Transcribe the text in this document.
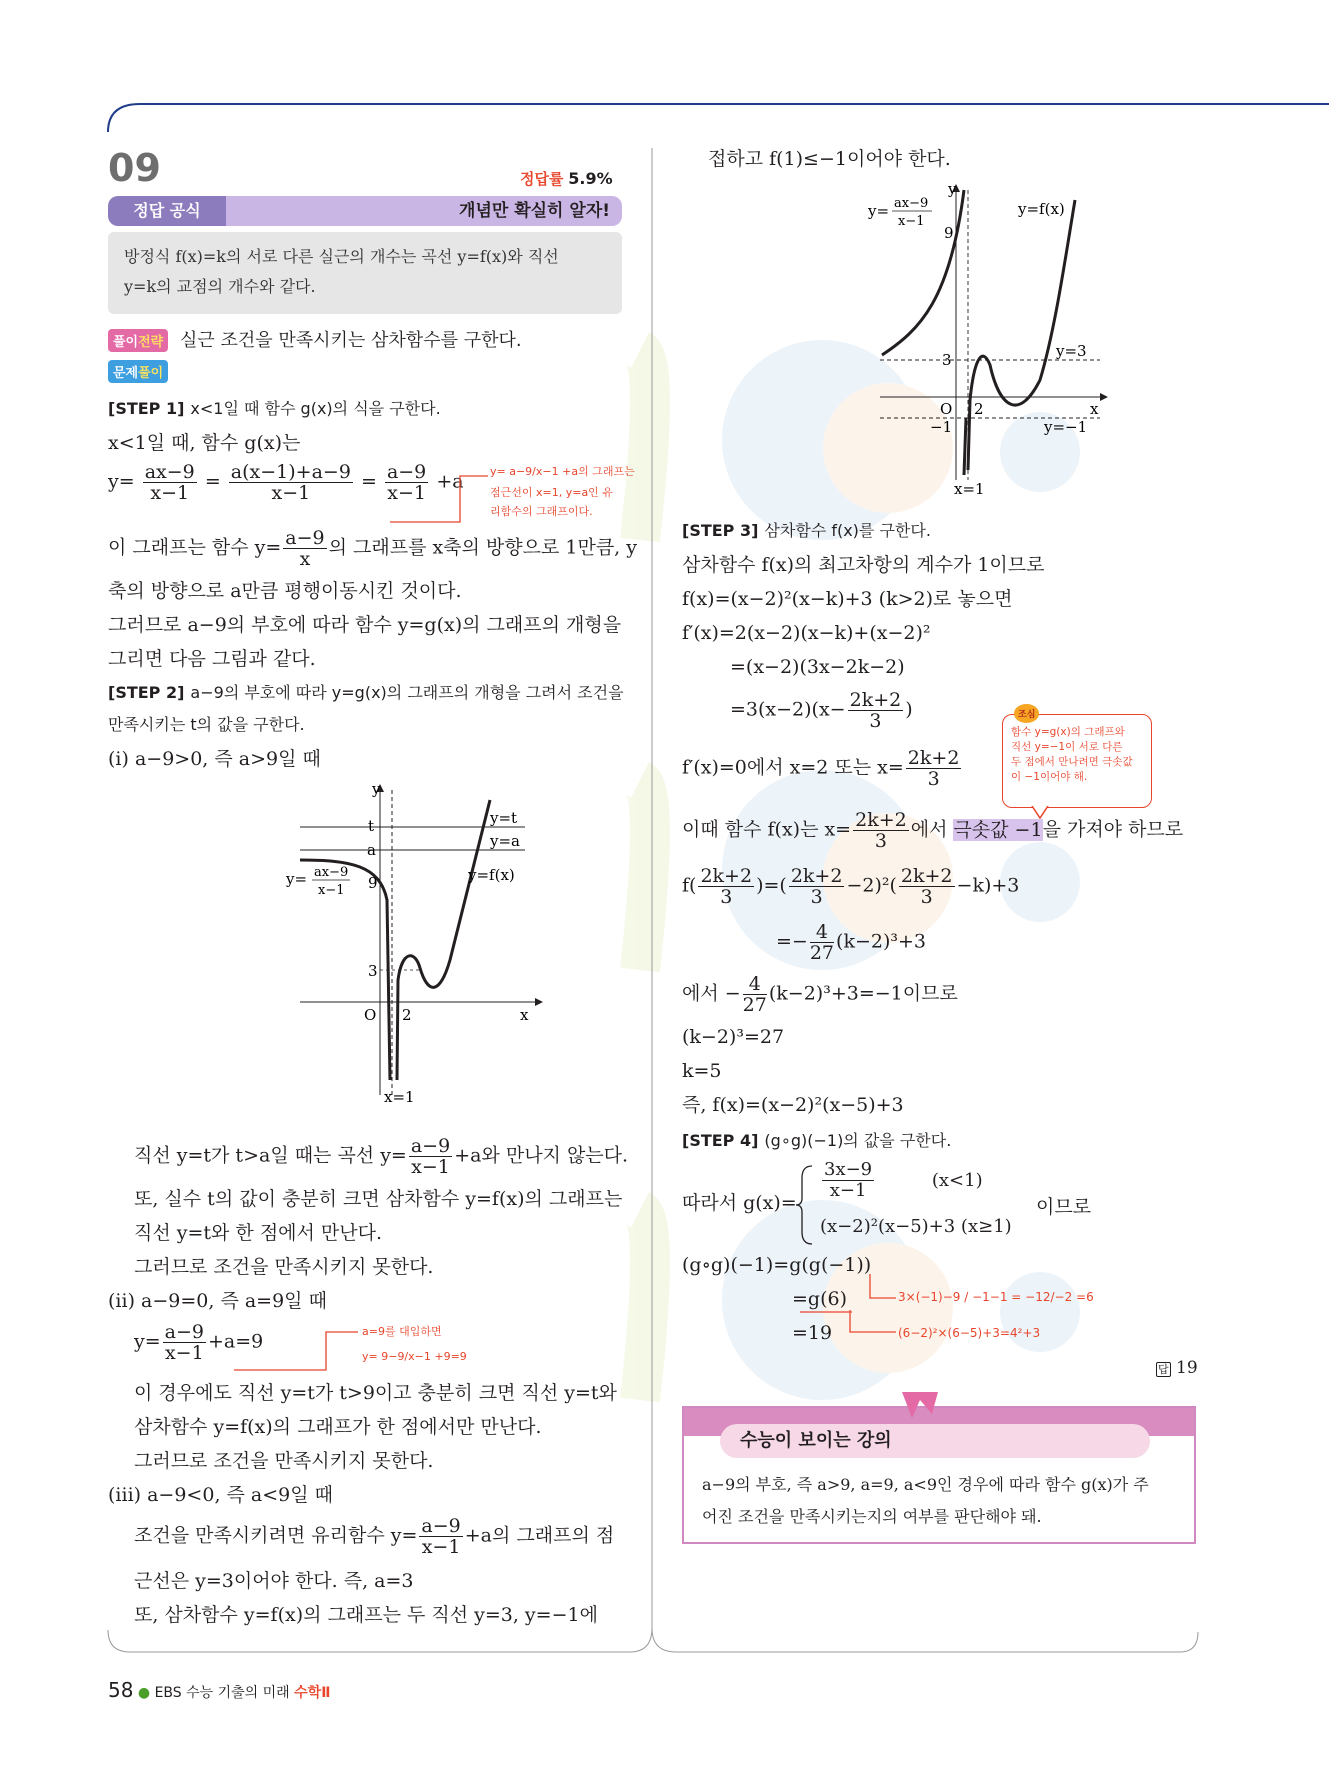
09	정답률 5.9%
정답 공식	개념만 확실히 알자!
방정식 f(x)=k의 서로 다른 실근의 개수는 곡선 y=f(x)와 직선
y=k의 교점의 개수와 같다.
풀이전략 실근 조건을 만족시키는 삼차함수를 구한다.
문제풀이
[STEP 1] x<1일 때 함수 g(x)의 식을 구한다.
x<1일 때, 함수 g(x)는
$y= \frac{ax-9}{x-1} = \frac{a(x-1)+a-9}{x-1} = \frac{a-9}{x-1} +a$ y= a−9/x−1 +a의 그래프는
점근선이 x=1, y=a인 유
리함수의 그래프이다.
이 그래프는 함수 $y= \frac{a-9}{x}$ 의 그래프를 x축의 방향으로 1만큼, y
축의 방향으로 a만큼 평행이동시킨 것이다.
그러므로 a−9의 부호에 따라 함수 y=g(x)의 그래프의 개형을
그리면 다음 그림과 같다.
[STEP 2] a−9의 부호에 따라 y=g(x)의 그래프의 개형을 그려서 조건을
만족시키는 t의 값을 구한다.
(i) a−9>0, 즉 a>9일 때
y
t
a
y=t
y=a
y= ax−9
x−1 9	y=f(x)
3
O 2	x
x=1
직선 y=t가 t>a일 때는 곡선 $y= \frac{a-9}{x-1} +a$와 만나지 않는다.
또, 실수 t의 값이 충분히 크면 삼차함수 y=f(x)의 그래프는
직선 y=t와 한 점에서 만난다.
그러므로 조건을 만족시키지 못한다.
(ii) a−9=0, 즉 a=9일 때
$y= \frac{a-9}{x-1} +a=9$	a=9를 대입하면
y= 9−9/x−1 +9=9
이 경우에도 직선 y=t가 t>9이고 충분히 크면 직선 y=t와
삼차함수 y=f(x)의 그래프가 한 점에서만 만난다.
그러므로 조건을 만족시키지 못한다.
(iii) a−9<0, 즉 a<9일 때
조건을 만족시키려면 유리함수 $y= \frac{a-9}{x-1} +a$의 그래프의 점
근선은 y=3이어야 한다. 즉, a=3
또, 삼차함수 y=f(x)의 그래프는 두 직선 y=3, y=−1에
접하고 f(1)≤−1이어야 한다.
y= ax−9
x−1
y
9
y=f(x)
3	y=3
O 2	x
−1	y=−1
x=1
[STEP 3] 삼차함수 f(x)를 구한다.
삼차함수 f(x)의 최고차항의 계수가 1이므로
f(x)=(x−2)²(x−k)+3 (k>2)로 놓으면
f′(x)=2(x−2)(x−k)+(x−2)²
=(x−2)(3x−2k−2)
$=3(x-2)(x- \frac{2k+2}{3}$ )
f′(x)=0에서 x=2 또는 $x= \frac{2k+2}{3}$
함수 y=g(x)의 그래프와
직선 y=−1이 서로 다른
두 점에서 만나려면 극솟값
이 −1이어야 해.
조심
이때 함수 f(x)는 $x= \frac{2k+2}{3}$ 에서 극솟값 −1을 가져야 하므로
$f( \frac{2k+2}{3}$ )=( $\frac{2k+2}{3} -2)^2( \frac{2k+2}{3} -k)+3$
=− $\frac{4}{27} (k-2)^3+3$
에서 − $\frac{4}{27} (k-2)^3+3=-1$이므로
(k−2)³=27
k=5
즉, f(x)=(x−2)²(x−5)+3
[STEP 4] (g∘g)(−1)의 값을 구한다.
따라서 g(x)=
$\frac{3x-9}{x-1}$	(x<1)
(x−2)²(x−5)+3 (x≥1)
이므로
(g∘g)(−1)=g(g(−1))
=g(6)
=19
3×(−1)−9 / −1−1 = −12/−2 =6
(6−2)²×(6−5)+3=4²+3
답 19
수능이 보이는 강의
a−9의 부호, 즉 a>9, a=9, a<9인 경우에 따라 함수 g(x)가 주
어진 조건을 만족시키는지의 여부를 판단해야 돼.
58 ● EBS 수능 기출의 미래 수학Ⅱ
